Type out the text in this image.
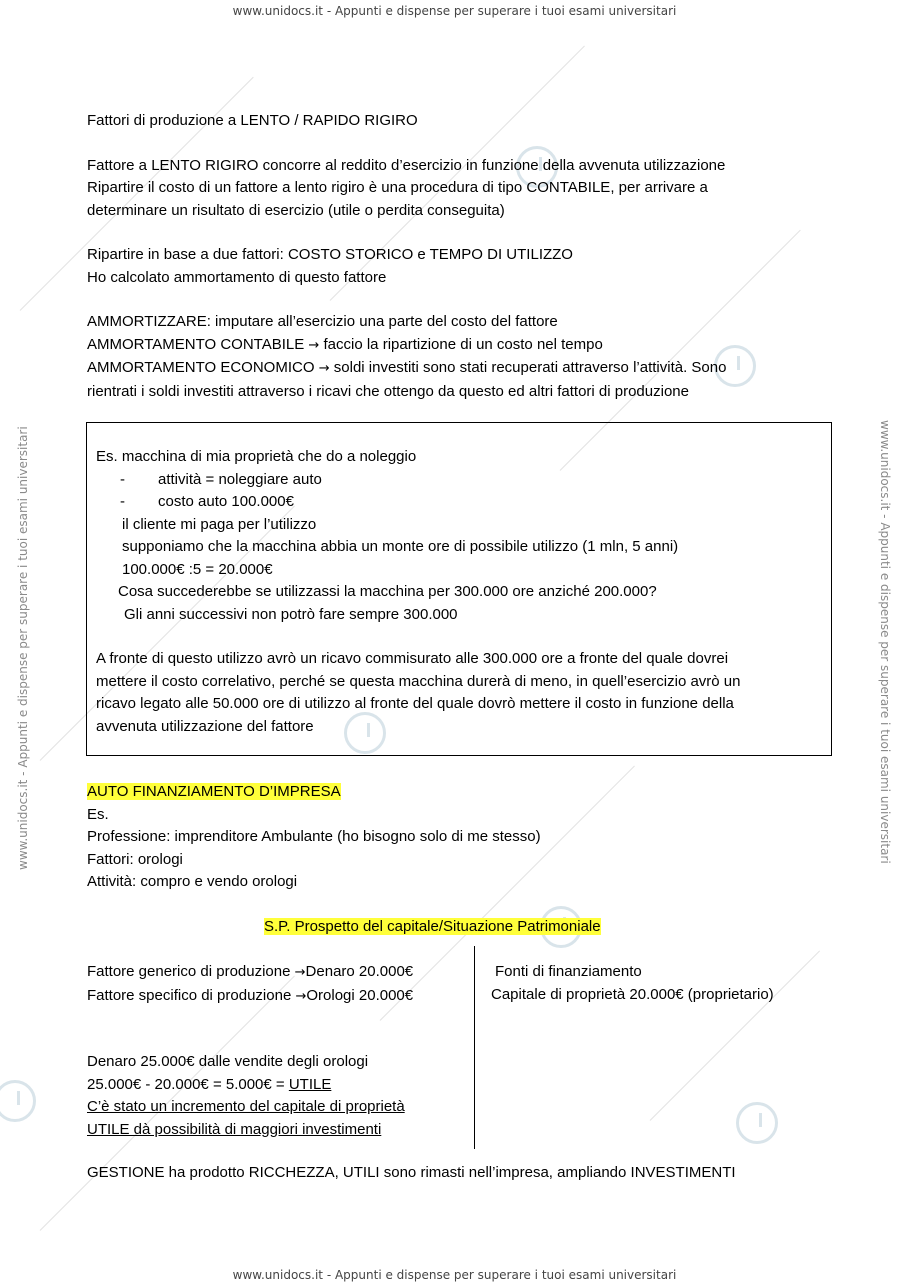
www.unidocs.it - Appunti e dispense per superare i tuoi esami universitari
www.unidocs.it - Appunti e dispense per superare i tuoi esami universitari
www.unidocs.it - Appunti e dispense per superare i tuoi esami universitari	www.unidocs.it - Appunti e dispense per superare i tuoi esami universitari
Fattori di produzione a LENTO / RAPIDO RIGIRO
Fattore a LENTO RIGIRO concorre al reddito d’esercizio in funzione della avvenuta utilizzazione
Ripartire il costo di un fattore a lento rigiro è una procedura di tipo CONTABILE, per arrivare a
determinare un risultato di esercizio (utile o perdita conseguita)
Ripartire in base a due fattori: COSTO STORICO e TEMPO DI UTILIZZO
Ho calcolato ammortamento di questo fattore
AMMORTIZZARE: imputare all’esercizio una parte del costo del fattore
AMMORTAMENTO CONTABILE → faccio la ripartizione di un costo nel tempo
AMMORTAMENTO ECONOMICO → soldi investiti sono stati recuperati attraverso l’attività. Sono
rientrati i soldi investiti attraverso i ricavi che ottengo da questo ed altri fattori di produzione
Es. macchina di mia proprietà che do a noleggio
- attività = noleggiare auto
- costo auto 100.000€
il cliente mi paga per l’utilizzo
supponiamo che la macchina abbia un monte ore di possibile utilizzo (1 mln, 5 anni)
100.000€ :5 = 20.000€
Cosa succederebbe se utilizzassi la macchina per 300.000 ore anziché 200.000?
Gli anni successivi non potrò fare sempre 300.000
A fronte di questo utilizzo avrò un ricavo commisurato alle 300.000 ore a fronte del quale dovrei
mettere il costo correlativo, perché se questa macchina durerà di meno, in quell’esercizio avrò un
ricavo legato alle 50.000 ore di utilizzo al fronte del quale dovrò mettere il costo in funzione della
avvenuta utilizzazione del fattore
AUTO FINANZIAMENTO D’IMPRESA
Es.
Professione: imprenditore Ambulante (ho bisogno solo di me stesso)
Fattori: orologi
Attività: compro e vendo orologi
S.P. Prospetto del capitale/Situazione Patrimoniale
Fattore generico di produzione →Denaro 20.000€
Fattore specifico di produzione →Orologi 20.000€
Fonti di finanziamento
Capitale di proprietà 20.000€ (proprietario)
Denaro 25.000€ dalle vendite degli orologi
25.000€ - 20.000€ = 5.000€ = UTILE
C’è stato un incremento del capitale di proprietà
UTILE dà possibilità di maggiori investimenti
GESTIONE ha prodotto RICCHEZZA, UTILI sono rimasti nell’impresa, ampliando INVESTIMENTI
